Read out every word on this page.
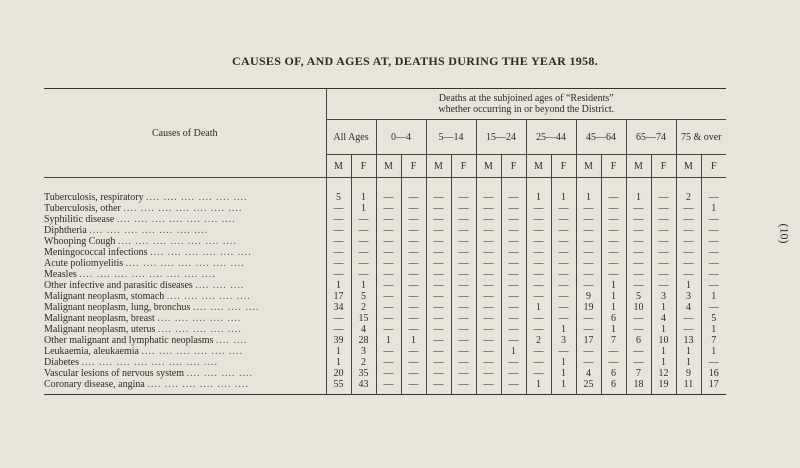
CAUSES OF, AND AGES AT, DEATHS DURING THE YEAR 1958.
(10)
Causes of Death	Deaths at the subjoined ages of “Residents”
whether occurring in or beyond the District.															
	All Ages		0—4		5—14		15—24		25—44		45—64		65—74		75 & over	
	M	F	M	F	M	F	M	F	M	F	M	F	M	F	M	F

Tuberculosis, respiratory .... .... .... .... .... ....	5	1	—	—	—	—	—	—	1	1	1	—	1	—	2	—
Tuberculosis, other .... .... .... .... .... .... ....	—	1	—	—	—	—	—	—	—	—	—	—	—	—	—	1
Syphilitic disease .... .... .... .... .... .... ....	—	—	—	—	—	—	—	—	—	—	—	—	—	—	—	—
Diphtheria .... .... .... .... .... .... ....	—	—	—	—	—	—	—	—	—	—	—	—	—	—	—	—
Whooping Cough .... .... .... .... .... .... ....	—	—	—	—	—	—	—	—	—	—	—	—	—	—	—	—
Meningococcal infections .... .... .... .... .... ....	—	—	—	—	—	—	—	—	—	—	—	—	—	—	—	—
Acute poliomyelitis .... .... .... .... .... .... ....	—	—	—	—	—	—	—	—	—	—	—	—	—	—	—	—
Measles .... .... .... .... .... .... .... ....	—	—	—	—	—	—	—	—	—	—	—	—	—	—	—	—
Other infective and parasitic diseases .... .... ....	1	1	—	—	—	—	—	—	—	—	—	1	—	—	1	—
Malignant neoplasm, stomach .... .... .... .... ....	17	5	—	—	—	—	—	—	—	—	9	1	5	3	3	1
Malignant neoplasm, lung, bronchus .... .... .... ....	34	2	—	—	—	—	—	—	1	—	19	1	10	1	4	—
Malignant neoplasm, breast .... .... .... .... ....	—	15	—	—	—	—	—	—	—	—	—	6	—	4	—	5
Malignant neoplasm, uterus .... .... .... .... ....	—	4	—	—	—	—	—	—	—	1	—	1	—	1	—	1
Other malignant and lymphatic neoplasms .... ....	39	28	1	1	—	—	—	—	2	3	17	7	6	10	13	7
Leukaemia, aleukaemia .... .... .... .... .... ....	1	3	—	—	—	—	—	1	—	—	—	—	—	1	1	1
Diabetes .... .... .... .... .... .... .... ....	1	2	—	—	—	—	—	—	—	1	—	—	—	1	1	—
Vascular lesions of nervous system .... .... .... ....	20	35	—	—	—	—	—	—	—	1	4	6	7	12	9	16
Coronary disease, angina .... .... .... .... .... ....	55	43	—	—	—	—	—	—	1	1	25	6	18	19	11	17
